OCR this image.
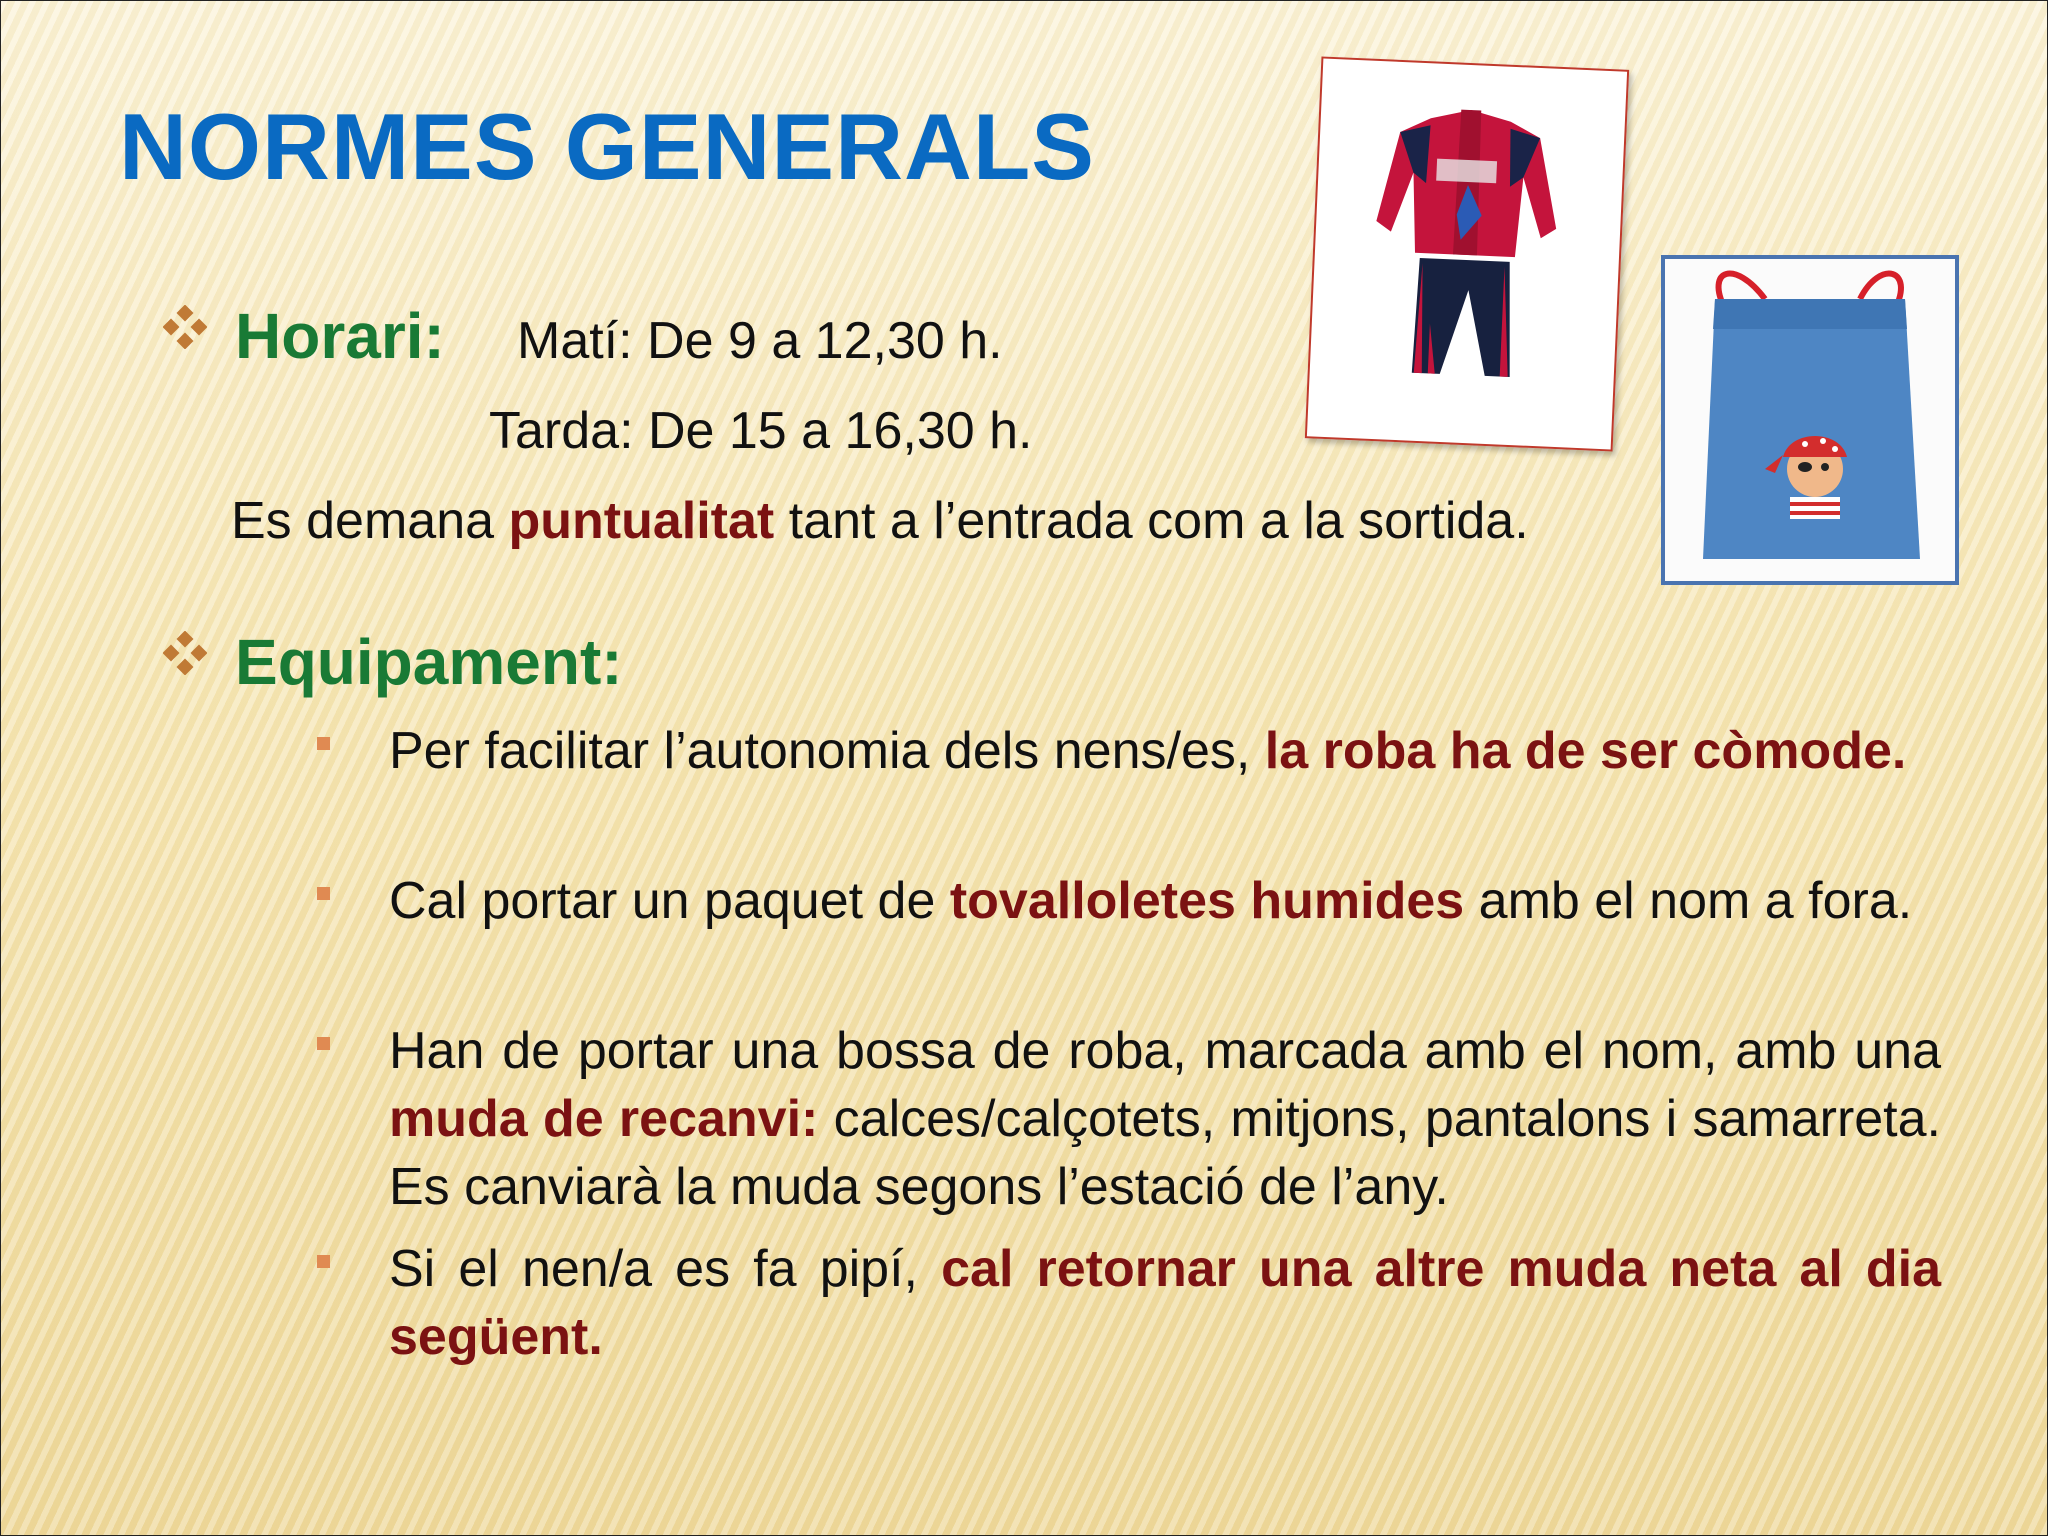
NORMES GENERALS
Horari: Matí: De 9 a 12,30 h.
Tarda: De 15 a 16,30 h.
Es demana puntualitat tant a l’entrada com a la sortida.
Equipament:
Per facilitar l’autonomia dels nens/es, la roba ha de ser còmode.
Cal portar un paquet de tovalloletes humides amb el nom a fora.
Han de portar una bossa de roba, marcada amb el nom, amb una muda de recanvi: calces/calçotets, mitjons, pantalons i samarreta. Es canviarà la muda segons l’estació de l’any.
Si el nen/a es fa pipí, cal retornar una altre muda neta al dia següent.
